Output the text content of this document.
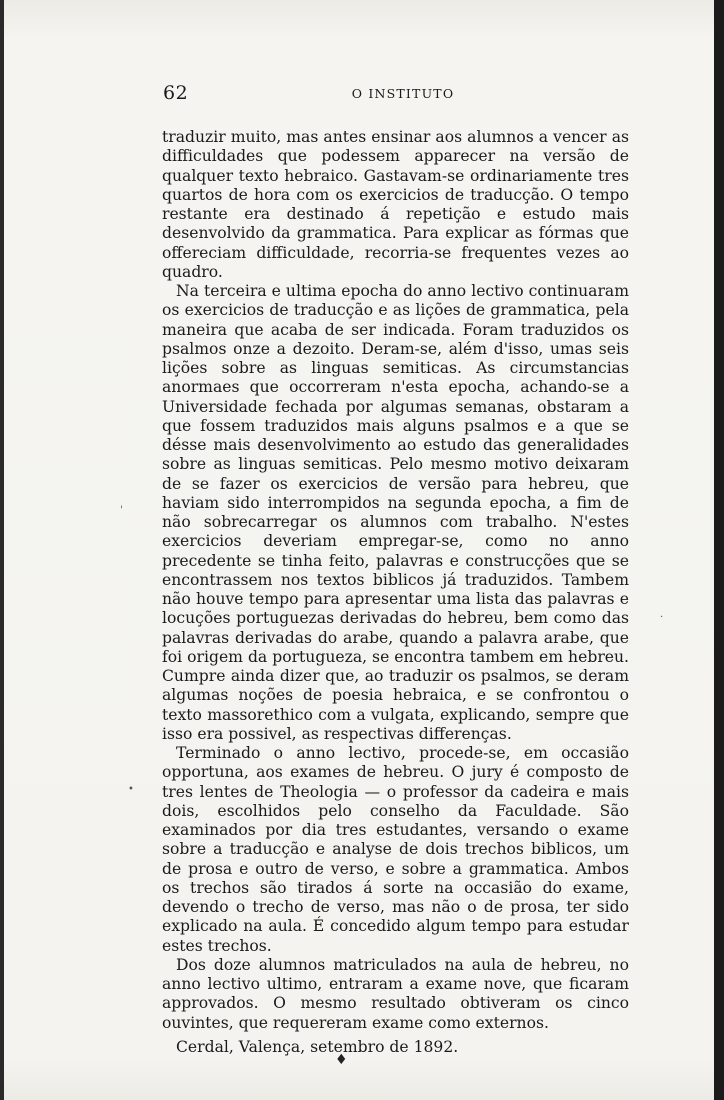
62	O INSTITUTO

traduzir muito, mas antes ensinar aos alumnos a vencer as difficuldades que podessem apparecer na versão de qualquer texto hebraico. Gastavam-se ordinariamente tres quartos de hora com os exercicios de traducção. O tempo restante era destinado á repetição e estudo mais desenvolvido da grammatica. Para explicar as fórmas que offereciam difficuldade, recorria-se frequentes vezes ao quadro.

Na terceira e ultima epocha do anno lectivo continuaram os exercicios de traducção e as lições de grammatica, pela maneira que acaba de ser indicada. Foram traduzidos os psalmos onze a dezoito. Deram-se, além d'isso, umas seis lições sobre as linguas semiticas. As circumstancias anormaes que occorreram n'esta epocha, achando-se a Universidade fechada por algumas semanas, obstaram a que fossem traduzidos mais alguns psalmos e a que se désse mais desenvolvimento ao estudo das generalidades sobre as linguas semiticas. Pelo mesmo motivo deixaram de se fazer os exercicios de versão para hebreu, que haviam sido interrompidos na segunda epocha, a fim de não sobrecarregar os alumnos com trabalho. N'estes exercicios deveriam empregar-se, como no anno precedente se tinha feito, palavras e construcções que se encontrassem nos textos biblicos já traduzidos. Tambem não houve tempo para apresentar uma lista das palavras e locuções portuguezas derivadas do hebreu, bem como das palavras derivadas do arabe, quando a palavra arabe, que foi origem da portugueza, se encontra tambem em hebreu. Cumpre ainda dizer que, ao traduzir os psalmos, se deram algumas noções de poesia hebraica, e se confrontou o texto massorethico com a vulgata, explicando, sempre que isso era possivel, as respectivas differenças.

Terminado o anno lectivo, procede-se, em occasião opportuna, aos exames de hebreu. O jury é composto de tres lentes de Theologia — o professor da cadeira e mais dois, escolhidos pelo conselho da Faculdade. São examinados por dia tres estudantes, versando o exame sobre a traducção e analyse de dois trechos biblicos, um de prosa e outro de verso, e sobre a grammatica. Ambos os trechos são tirados á sorte na occasião do exame, devendo o trecho de verso, mas não o de prosa, ter sido explicado na aula. É concedido algum tempo para estudar estes trechos.

Dos doze alumnos matriculados na aula de hebreu, no anno lectivo ultimo, entraram a exame nove, que ficaram approvados. O mesmo resultado obtiveram os cinco ouvintes, que requereram exame como externos.

Cerdal, Valença, setembro de 1892.

'
•
·
♦
